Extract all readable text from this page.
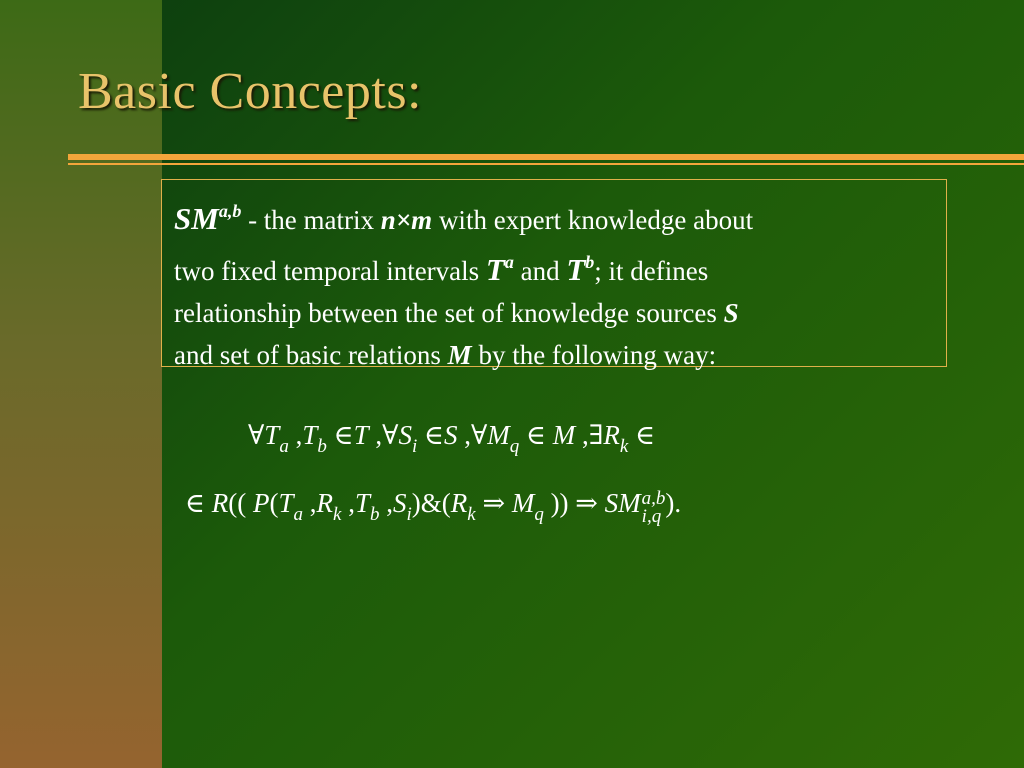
Basic Concepts:
SM$^{a,b}$ - the matrix n×m with expert knowledge about
two fixed temporal intervals $T^a$ and $T^b$; it defines
relationship between the set of knowledge sources S
and set of basic relations M by the following way:
$\forall T_a$ $,T_b$ ∈T $,\forall S_i$ ∈S $,\forall M_q$ ∈ M $,\exists R_k$ ∈
∈ R(( $P(T_a$ $,R_k$ $,T_b$ $,S_i)\&(R_k$ ⇒ $M_q$ )) ⇒ SM a,b
i,q ).
